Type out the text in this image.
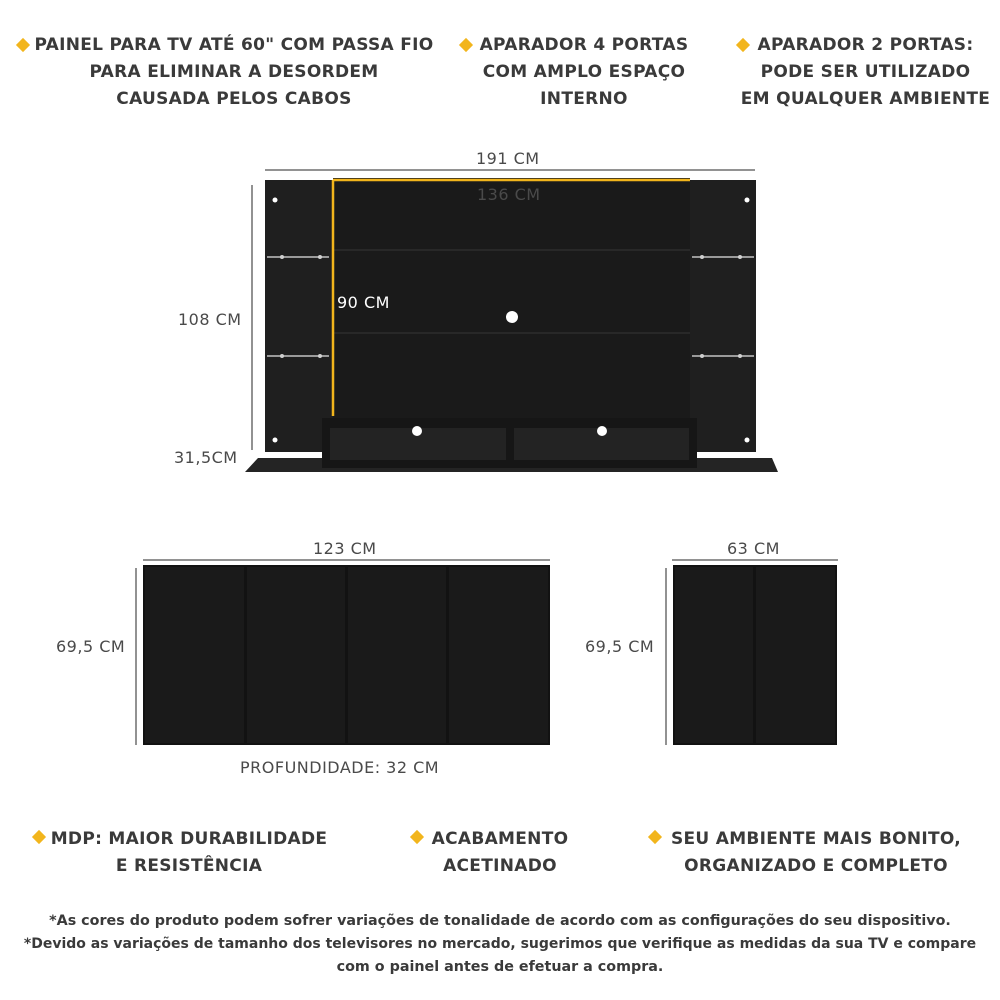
PAINEL PARA TV ATÉ 60" COM PASSA FIO
PARA ELIMINAR A DESORDEM
CAUSADA PELOS CABOS
APARADOR 4 PORTAS
COM AMPLO ESPAÇO
INTERNO
APARADOR 2 PORTAS:
PODE SER UTILIZADO
EM QUALQUER AMBIENTE
191 CM
136 CM
108 CM
90 CM
31,5CM
123 CM
69,5 CM
PROFUNDIDADE: 32 CM
63 CM
69,5 CM
MDP: MAIOR DURABILIDADE
E RESISTÊNCIA
ACABAMENTO
ACETINADO
SEU AMBIENTE MAIS BONITO,
ORGANIZADO E COMPLETO
*As cores do produto podem sofrer variações de tonalidade de acordo com as configurações do seu dispositivo.
*Devido as variações de tamanho dos televisores no mercado, sugerimos que verifique as medidas da sua TV e compare
com o painel antes de efetuar a compra.
